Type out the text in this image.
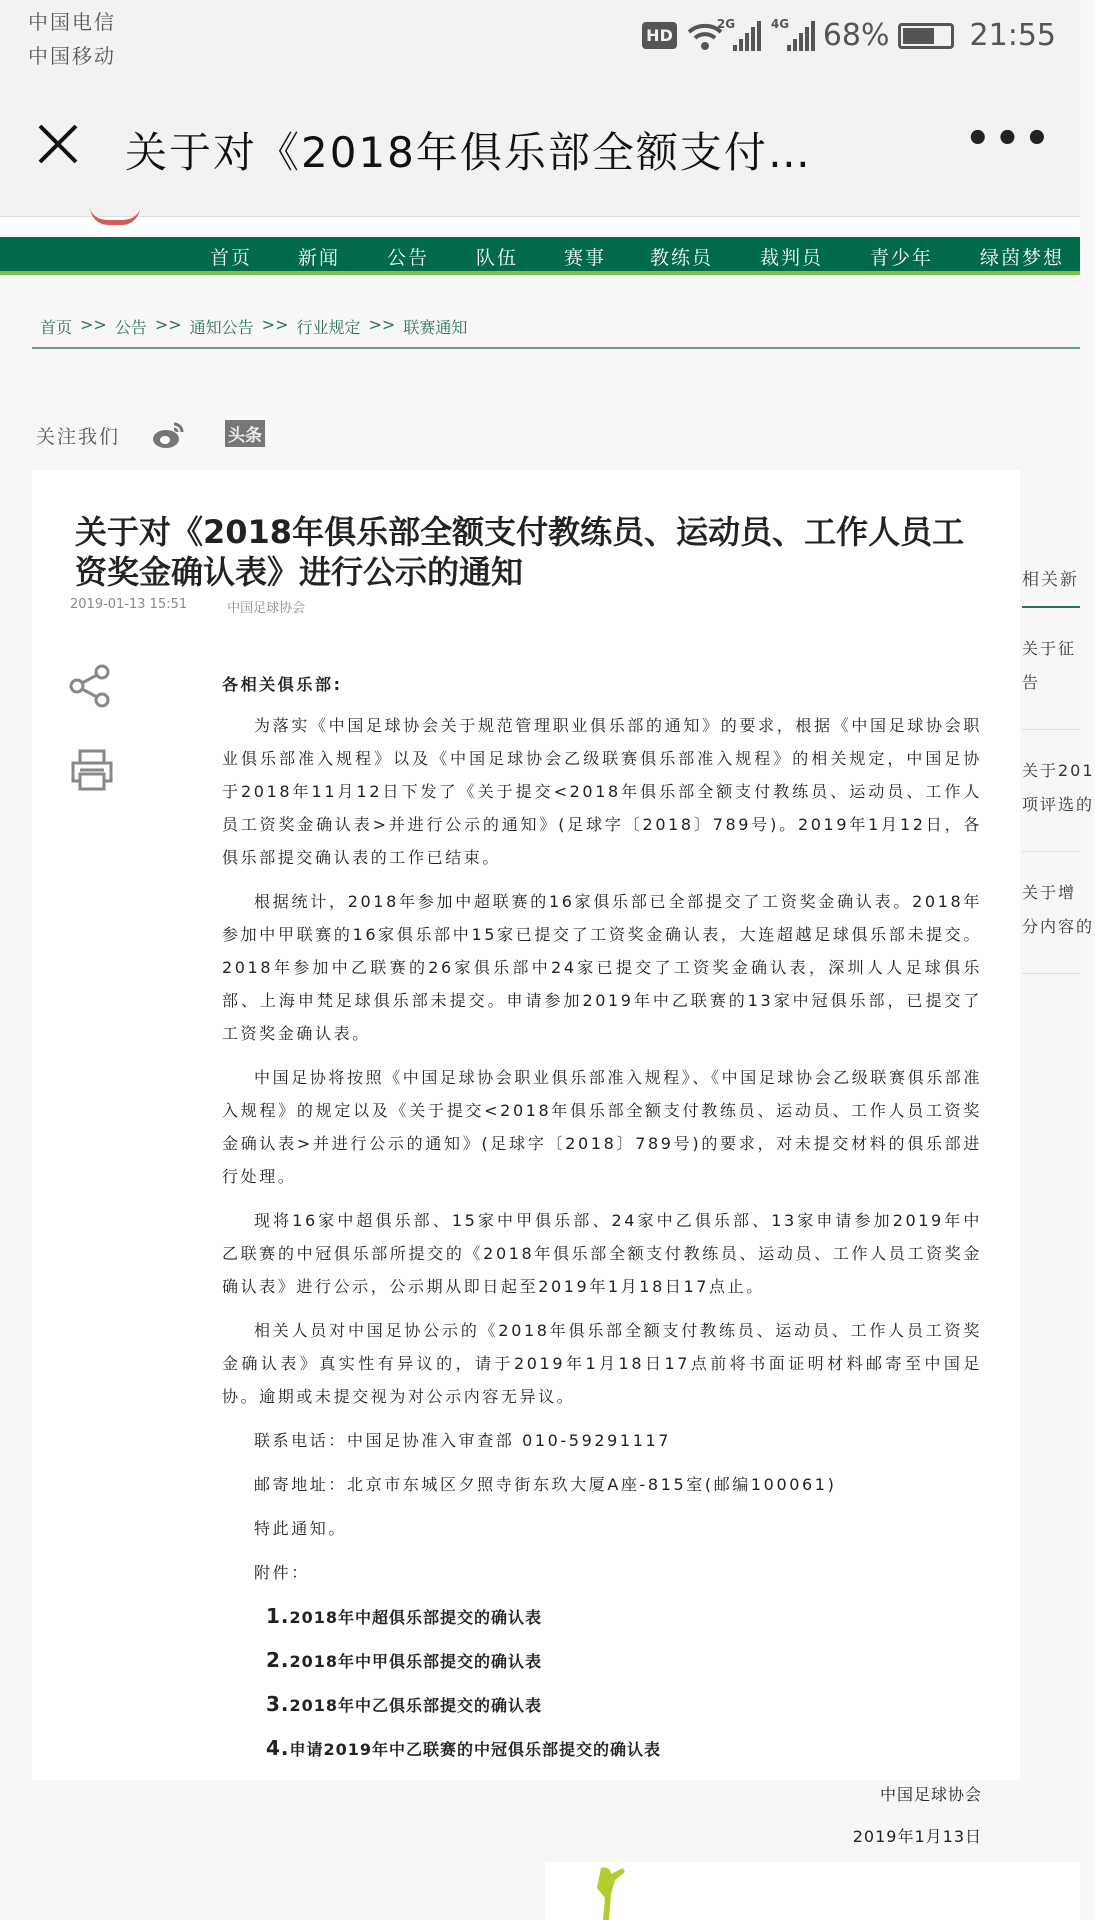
中国电信
中国移动
HD
2G	4G 68%	21:55
关于对《2018年俱乐部全额支付…	•••
首页 新闻 公告 队伍 赛事 教练员 裁判员 青少年 绿茵梦想
首页 >> 公告 >> 通知公告 >> 行业规定 >> 联赛通知
关注我们	头条
关于对《2018年俱乐部全额支付教练员、运动员、工作人员工资奖金确认表》进行公示的通知
2019-01-13 15:51	中国足球协会

各相关俱乐部:

为落实《中国足球协会关于规范管理职业俱乐部的通知》的要求，根据《中国足球协会职业俱乐部准入规程》以及《中国足球协会乙级联赛俱乐部准入规程》的相关规定，中国足协于2018年11月12日下发了《关于提交<2018年俱乐部全额支付教练员、运动员、工作人员工资奖金确认表>并进行公示的通知》(足球字〔2018〕789号)。2019年1月12日，各俱乐部提交确认表的工作已结束。

根据统计，2018年参加中超联赛的16家俱乐部已全部提交了工资奖金确认表。2018年参加中甲联赛的16家俱乐部中15家已提交了工资奖金确认表，大连超越足球俱乐部未提交。2018年参加中乙联赛的26家俱乐部中24家已提交了工资奖金确认表，深圳人人足球俱乐部、上海申梵足球俱乐部未提交。申请参加2019年中乙联赛的13家中冠俱乐部，已提交了工资奖金确认表。

中国足协将按照《中国足球协会职业俱乐部准入规程》、《中国足球协会乙级联赛俱乐部准入规程》的规定以及《关于提交<2018年俱乐部全额支付教练员、运动员、工作人员工资奖金确认表>并进行公示的通知》(足球字〔2018〕789号)的要求，对未提交材料的俱乐部进行处理。

现将16家中超俱乐部、15家中甲俱乐部、24家中乙俱乐部、13家申请参加2019年中乙联赛的中冠俱乐部所提交的《2018年俱乐部全额支付教练员、运动员、工作人员工资奖金确认表》进行公示，公示期从即日起至2019年1月18日17点止。

相关人员对中国足协公示的《2018年俱乐部全额支付教练员、运动员、工作人员工资奖金确认表》真实性有异议的，请于2019年1月18日17点前将书面证明材料邮寄至中国足协。逾期或未提交视为对公示内容无异议。

联系电话：中国足协准入审查部 010-59291117

邮寄地址：北京市东城区夕照寺街东玖大厦A座-815室(邮编100061)

特此通知。

附件：

1.2018年中超俱乐部提交的确认表

2.2018年中甲俱乐部提交的确认表

3.2018年中乙俱乐部提交的确认表

4.申请2019年中乙联赛的中冠俱乐部提交的确认表

中国足球协会

2019年1月13日

相关新
关于征
告
关于201
项评选的
关于增
分内容的
